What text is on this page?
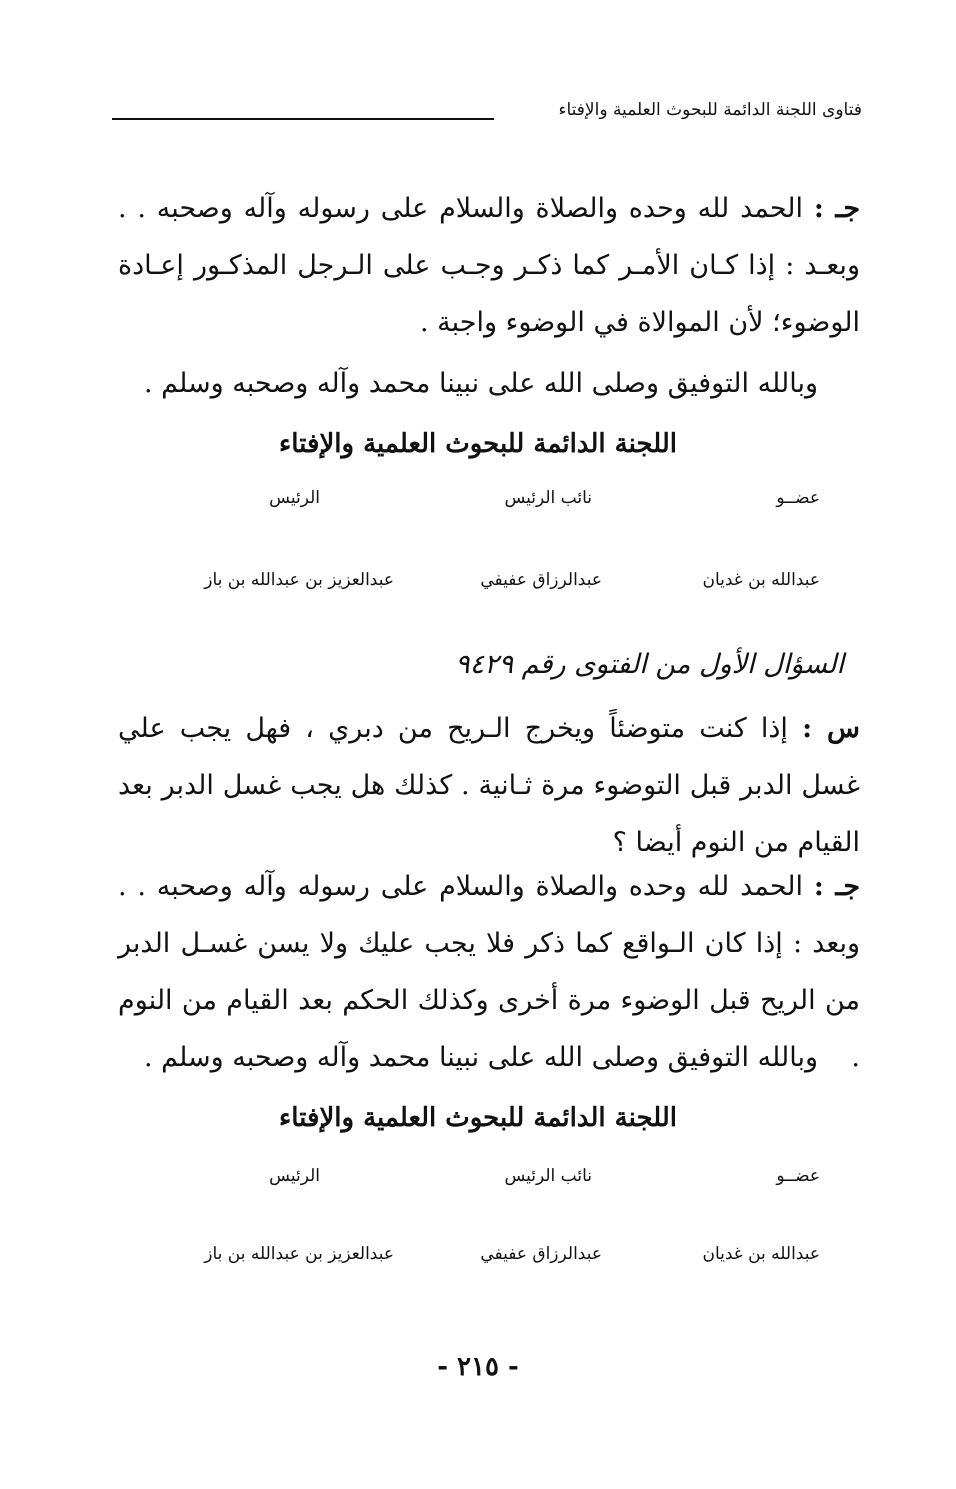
فتاوى اللجنة الدائمة للبحوث العلمية والإفتاء

جـ : الحمد لله وحده والصلاة والسلام على رسوله وآله وصحبه . . وبعـد : إذا كـان الأمـر كما ذكـر وجـب على الـرجل المذكـور إعـادة الوضوء؛ لأن الموالاة في الوضوء واجبة .

وبالله التوفيق وصلى الله على نبينا محمد وآله وصحبه وسلم .

اللجنة الدائمة للبحوث العلمية والإفتاء
عضــو
نائب الرئيس
الرئيس
عبدالله بن غديان
عبدالرزاق عفيفي
عبدالعزيز بن عبدالله بن باز
السؤال الأول من الفتوى رقم ٩٤٢٩

س : إذا كنت متوضئاً ويخرج الـريح من دبري ، فهل يجب علي غسل الدبر قبل التوضوء مرة ثـانية . كذلك هل يجب غسل الدبر بعد القيام من النوم أيضا ؟

جـ : الحمد لله وحده والصلاة والسلام على رسوله وآله وصحبه . . وبعد : إذا كان الـواقع كما ذكر فلا يجب عليك ولا يسن غسـل الدبر من الريح قبل الوضوء مرة أخرى وكذلك الحكم بعد القيام من النوم .

وبالله التوفيق وصلى الله على نبينا محمد وآله وصحبه وسلم .

اللجنة الدائمة للبحوث العلمية والإفتاء
عضــو
نائب الرئيس
الرئيس
عبدالله بن غديان
عبدالرزاق عفيفي
عبدالعزيز بن عبدالله بن باز
- ٢١٥ -
